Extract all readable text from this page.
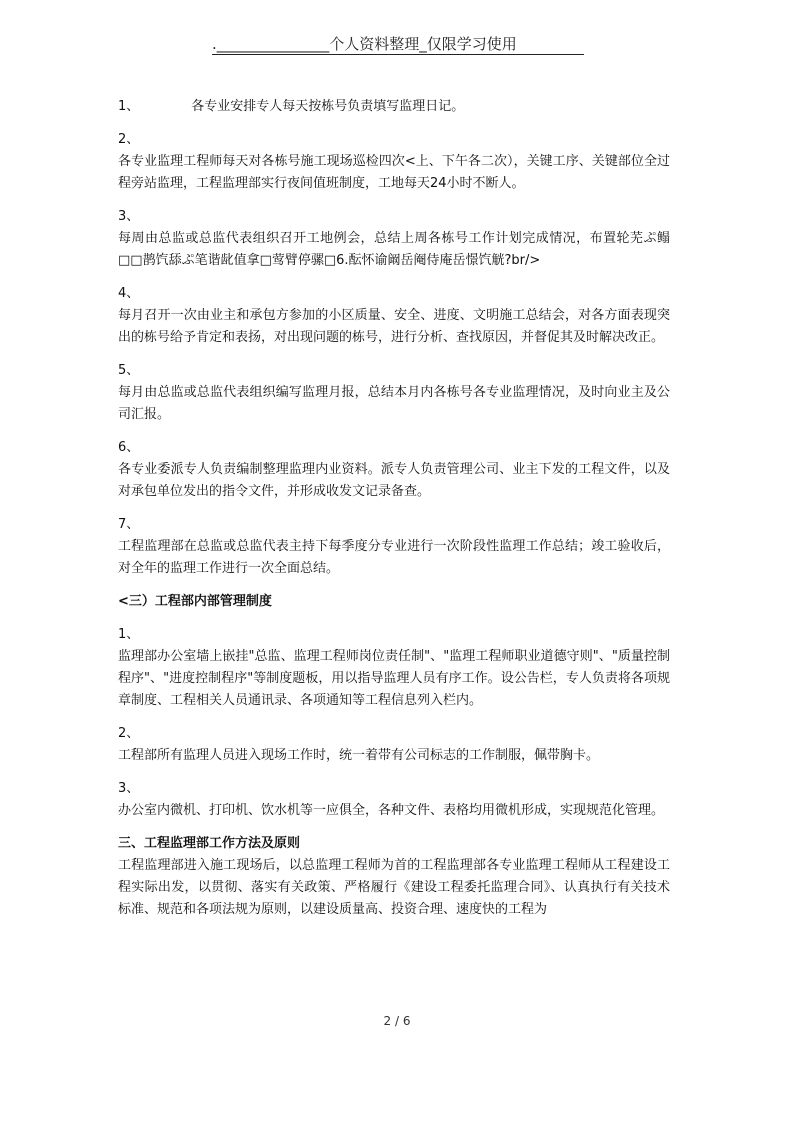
._______________个人资料整理_仅限学习使用
1、	各专业安排专人每天按栋号负责填写监理日记。
2、
各专业监理工程师每天对各栋号施工现场巡检四次<上、下午各二次），关键工序、关键部位全过程旁站监理，工程监理部实行夜间值班制度，工地每天24小时不断人。
3、
每周由总监或总监代表组织召开工地例会，总结上周各栋号工作计划完成情况，布置轮芜ぷ鳎□□鹊饩舔ぷ笔谐龀值拿□莺臂停骡□6.酝怀谕阚岳阉侍庵岳憬饩觥?br/>
4、
每月召开一次由业主和承包方参加的小区质量、安全、进度、文明施工总结会，对各方面表现突出的栋号给予肯定和表扬，对出现问题的栋号，进行分析、查找原因，并督促其及时解决改正。
5、
每月由总监或总监代表组织编写监理月报，总结本月内各栋号各专业监理情况，及时向业主及公司汇报。
6、
各专业委派专人负责编制整理监理内业资料。派专人负责管理公司、业主下发的工程文件，以及对承包单位发出的指令文件，并形成收发文记录备查。
7、
工程监理部在总监或总监代表主持下每季度分专业进行一次阶段性监理工作总结；竣工验收后，对全年的监理工作进行一次全面总结。
<三）工程部内部管理制度
1、
监理部办公室墙上嵌挂"总监、监理工程师岗位责任制"、"监理工程师职业道德守则"、"质量控制程序"、"进度控制程序"等制度题板，用以指导监理人员有序工作。设公告栏，专人负责将各项规章制度、工程相关人员通讯录、各项通知等工程信息列入栏内。
2、
工程部所有监理人员进入现场工作时，统一着带有公司标志的工作制服，佩带胸卡。
3、
办公室内微机、打印机、饮水机等一应俱全，各种文件、表格均用微机形成，实现规范化管理。
三、工程监理部工作方法及原则
工程监理部进入施工现场后，以总监理工程师为首的工程监理部各专业监理工程师从工程建设工程实际出发，以贯彻、落实有关政策、严格履行《建设工程委托监理合同》、认真执行有关技术标准、规范和各项法规为原则，以建设质量高、投资合理、速度快的工程为
2 / 6
